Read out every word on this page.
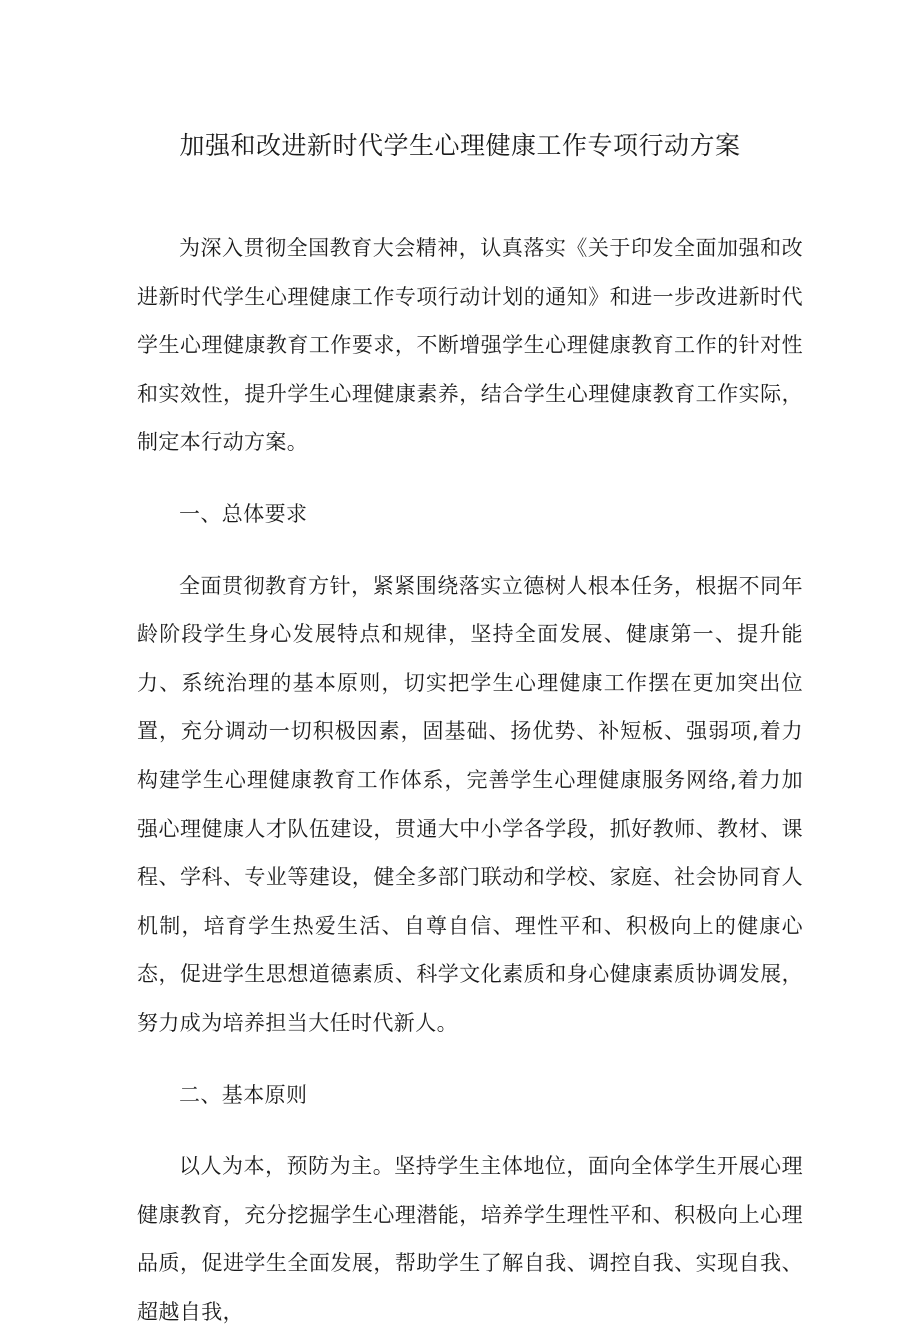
加强和改进新时代学生心理健康工作专项行动方案

为深入贯彻全国教育大会精神，认真落实《关于印发全面加强和改进新时代学生心理健康工作专项行动计划的通知》和进一步改进新时代学生心理健康教育工作要求，不断增强学生心理健康教育工作的针对性和实效性，提升学生心理健康素养，结合学生心理健康教育工作实际，制定本行动方案。

一、总体要求

全面贯彻教育方针，紧紧围绕落实立德树人根本任务，根据不同年龄阶段学生身心发展特点和规律，坚持全面发展、健康第一、提升能力、系统治理的基本原则，切实把学生心理健康工作摆在更加突出位置，充分调动一切积极因素，固基础、扬优势、补短板、强弱项,着力构建学生心理健康教育工作体系，完善学生心理健康服务网络,着力加强心理健康人才队伍建设，贯通大中小学各学段，抓好教师、教材、课程、学科、专业等建设，健全多部门联动和学校、家庭、社会协同育人机制，培育学生热爱生活、自尊自信、理性平和、积极向上的健康心态，促进学生思想道德素质、科学文化素质和身心健康素质协调发展，努力成为培养担当大任时代新人。

二、基本原则

以人为本，预防为主。坚持学生主体地位，面向全体学生开展心理健康教育，充分挖掘学生心理潜能，培养学生理性平和、积极向上心理品质，促进学生全面发展，帮助学生了解自我、调控自我、实现自我、超越自我，
